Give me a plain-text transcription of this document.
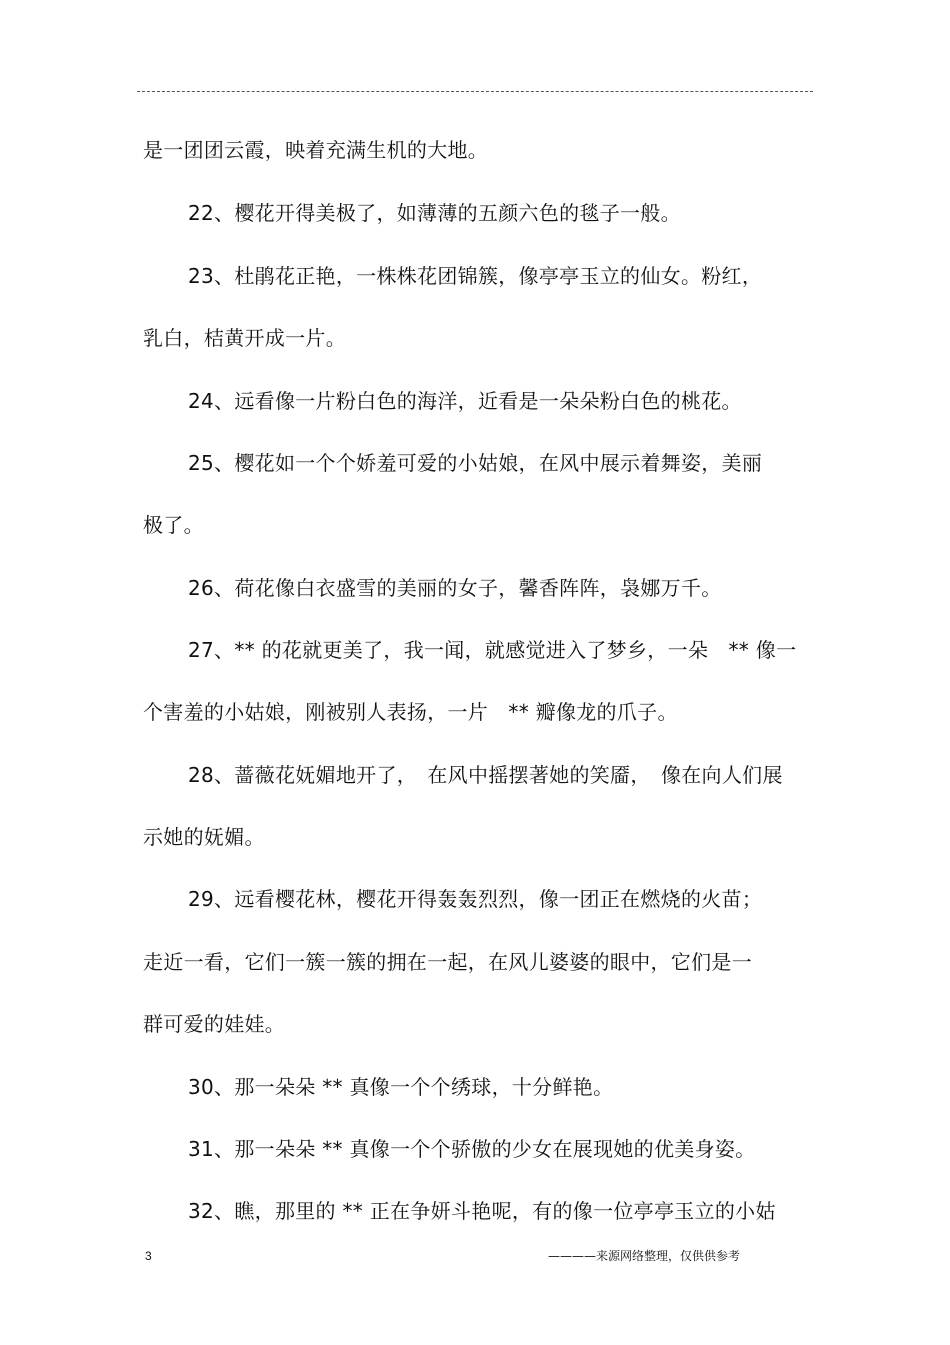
是一团团云霞，映着充满生机的大地。
22、樱花开得美极了，如薄薄的五颜六色的毯子一般。
23、杜鹃花正艳，一株株花团锦簇，像亭亭玉立的仙女。粉红，
乳白，桔黄开成一片。
24、远看像一片粉白色的海洋，近看是一朵朵粉白色的桃花。
25、樱花如一个个娇羞可爱的小姑娘，在风中展示着舞姿，美丽
极了。
26、荷花像白衣盛雪的美丽的女子，馨香阵阵，袅娜万千。
27、** 的花就更美了，我一闻，就感觉进入了梦乡，一朵　** 像一
个害羞的小姑娘，刚被别人表扬，一片　** 瓣像龙的爪子。
28、蔷薇花妩媚地开了，　在风中摇摆著她的笑靥，　像在向人们展
示她的妩媚。
29、远看樱花林，樱花开得轰轰烈烈，像一团正在燃烧的火苗；
走近一看，它们一簇一簇的拥在一起，在风儿婆婆的眼中，它们是一
群可爱的娃娃。
30、那一朵朵 ** 真像一个个绣球，十分鲜艳。
31、那一朵朵 ** 真像一个个骄傲的少女在展现她的优美身姿。
32、瞧，那里的 ** 正在争妍斗艳呢，有的像一位亭亭玉立的小姑
3	————来源网络整理，仅供供参考
